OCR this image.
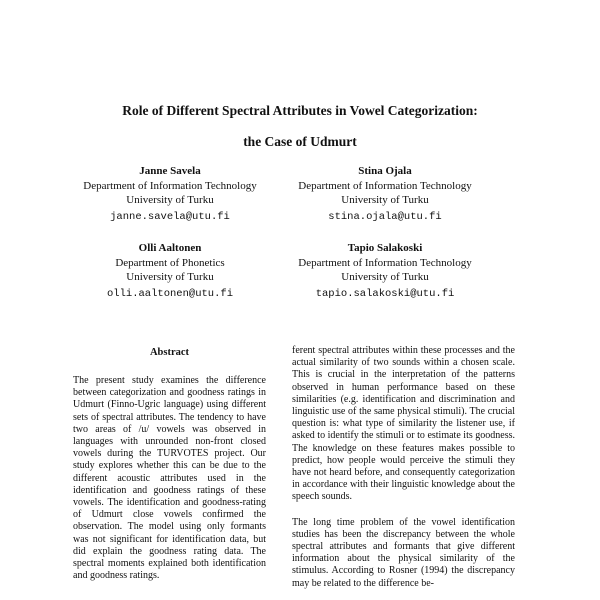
Role of Different Spectral Attributes in Vowel Categorization:
the Case of Udmurt
Janne Savela
Department of Information Technology
University of Turku
janne.savela@utu.fi
Stina Ojala
Department of Information Technology
University of Turku
stina.ojala@utu.fi
Olli Aaltonen
Department of Phonetics
University of Turku
olli.aaltonen@utu.fi
Tapio Salakoski
Department of Information Technology
University of Turku
tapio.salakoski@utu.fi
Abstract

The present study examines the difference between categorization and goodness ratings in Udmurt (Finno-Ugric language) using different sets of spectral attributes. The tendency to have two areas of /u/ vowels was observed in languages with unrounded non-front closed vowels during the TURVOTES project. Our study explores whether this can be due to the different acoustic attributes used in the identification and goodness ratings of these vowels. The identification and goodness-rating of Udmurt close vowels confirmed the observation. The model using only formants was not significant for identification data, but did explain the goodness rating data. The spectral moments explained both identification and goodness ratings.

ferent spectral attributes within these processes and the actual similarity of two sounds within a chosen scale. This is crucial in the interpretation of the patterns observed in human performance based on these similarities (e.g. identification and discrimination and linguistic use of the same physical stimuli). The crucial question is: what type of similarity the listener use, if asked to identify the stimuli or to estimate its goodness. The knowledge on these features makes possible to predict, how people would perceive the stimuli they have not heard before, and consequently categorization in accordance with their linguistic knowledge about the speech sounds.

The long time problem of the vowel identification studies has been the discrepancy between the whole spectral attributes and formants that give different information about the physical similarity of the stimulus. According to Rosner (1994) the discrepancy may be related to the difference be-
